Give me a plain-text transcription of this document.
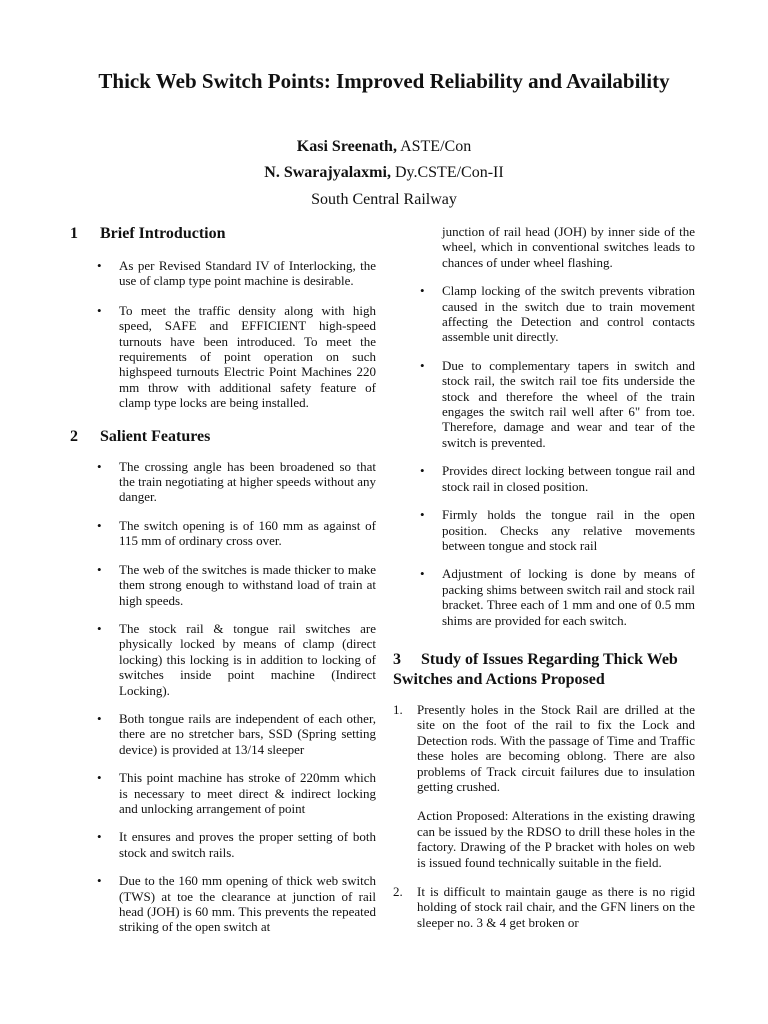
Thick Web Switch Points: Improved Reliability and Availability
Kasi Sreenath, ASTE/Con
N. Swarajyalaxmi, Dy.CSTE/Con-II
South Central Railway
1	Brief Introduction
• As per Revised Standard IV of Interlocking, the use of clamp type point machine is desirable.
• To meet the traffic density along with high speed, SAFE and EFFICIENT high-speed turnouts have been introduced. To meet the requirements of point operation on such highspeed turnouts Electric Point Machines 220 mm throw with additional safety feature of clamp type locks are being installed.
2	Salient Features
• The crossing angle has been broadened so that the train negotiating at higher speeds without any danger.
• The switch opening is of 160 mm as against of 115 mm of ordinary cross over.
• The web of the switches is made thicker to make them strong enough to withstand load of train at high speeds.
• The stock rail & tongue rail switches are physically locked by means of clamp (direct locking) this locking is in addition to locking of switches inside point machine (Indirect Locking).
• Both tongue rails are independent of each other, there are no stretcher bars, SSD (Spring setting device) is provided at 13/14 sleeper
• This point machine has stroke of 220mm which is necessary to meet direct & indirect locking and unlocking arrangement of point
• It ensures and proves the proper setting of both stock and switch rails.
• Due to the 160 mm opening of thick web switch (TWS) at toe the clearance at junction of rail head (JOH) is 60 mm. This prevents the repeated striking of the open switch at
junction of rail head (JOH) by inner side of the wheel, which in conventional switches leads to chances of under wheel flashing.
• Clamp locking of the switch prevents vibration caused in the switch due to train movement affecting the Detection and control contacts assemble unit directly.
• Due to complementary tapers in switch and stock rail, the switch rail toe fits underside the stock and therefore the wheel of the train engages the switch rail well after 6" from toe. Therefore, damage and wear and tear of the switch is prevented.
• Provides direct locking between tongue rail and stock rail in closed position.
• Firmly holds the tongue rail in the open position. Checks any relative movements between tongue and stock rail
• Adjustment of locking is done by means of packing shims between switch rail and stock rail bracket. Three each of 1 mm and one of 0.5 mm shims are provided for each switch.
3 Study of Issues Regarding Thick Web Switches and Actions Proposed
1. Presently holes in the Stock Rail are drilled at the site on the foot of the rail to fix the Lock and Detection rods. With the passage of Time and Traffic these holes are becoming oblong. There are also problems of Track circuit failures due to insulation getting crushed.

Action Proposed: Alterations in the existing drawing can be issued by the RDSO to drill these holes in the factory. Drawing of the P bracket with holes on web is issued found technically suitable in the field.

2. It is difficult to maintain gauge as there is no rigid holding of stock rail chair, and the GFN liners on the sleeper no. 3 & 4 get broken or
